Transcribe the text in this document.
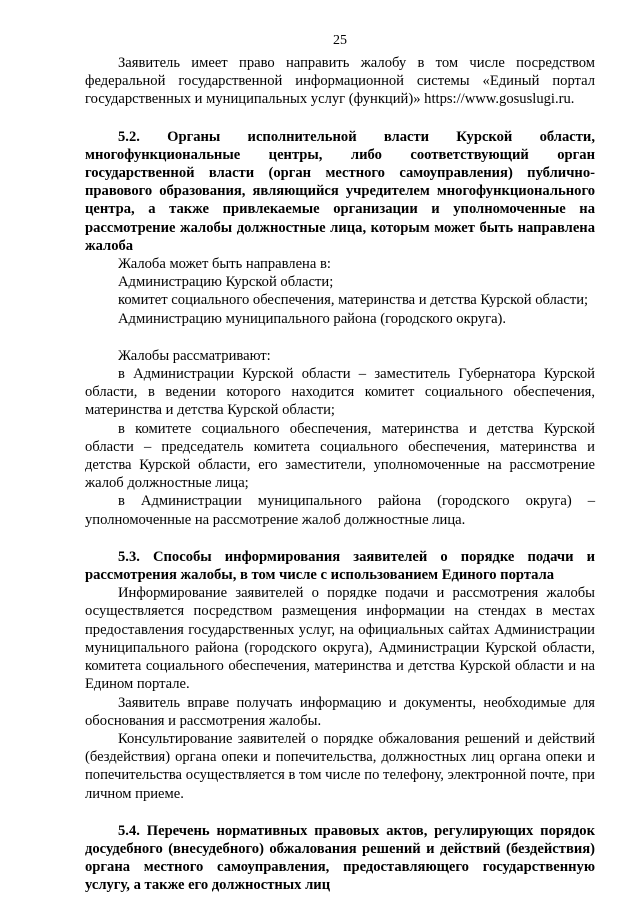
25

Заявитель имеет право направить жалобу в том числе посредством федеральной государственной информационной системы «Единый портал государственных и муниципальных услуг (функций)» https://www.gosuslugi.ru.

5.2. Органы исполнительной власти Курской области, многофункциональные центры, либо соответствующий орган государственной власти (орган местного самоуправления) публично-правового образования, являющийся учредителем многофункционального центра, а также привлекаемые организации и уполномоченные на рассмотрение жалобы должностные лица, которым может быть направлена жалоба

Жалоба может быть направлена в:

Администрацию Курской области;

комитет социального обеспечения, материнства и детства Курской области;

Администрацию муниципального района (городского округа).

Жалобы рассматривают:

в Администрации Курской области – заместитель Губернатора Курской области, в ведении которого находится комитет социального обеспечения, материнства и детства Курской области;

в комитете социального обеспечения, материнства и детства Курской области – председатель комитета социального обеспечения, материнства и детства Курской области, его заместители, уполномоченные на рассмотрение жалоб должностные лица;

в Администрации муниципального района (городского округа) – уполномоченные на рассмотрение жалоб должностные лица.

5.3. Способы информирования заявителей о порядке подачи и рассмотрения жалобы, в том числе с использованием Единого портала

Информирование заявителей о порядке подачи и рассмотрения жалобы осуществляется посредством размещения информации на стендах в местах предоставления государственных услуг, на официальных сайтах Администрации муниципального района (городского округа), Администрации Курской области, комитета социального обеспечения, материнства и детства Курской области и на Едином портале.

Заявитель вправе получать информацию и документы, необходимые для обоснования и рассмотрения жалобы.

Консультирование заявителей о порядке обжалования решений и действий (бездействия) органа опеки и попечительства, должностных лиц органа опеки и попечительства осуществляется в том числе по телефону, электронной почте, при личном приеме.

5.4. Перечень нормативных правовых актов, регулирующих порядок досудебного (внесудебного) обжалования решений и действий (бездействия) органа местного самоуправления, предоставляющего государственную услугу, а также его должностных лиц
